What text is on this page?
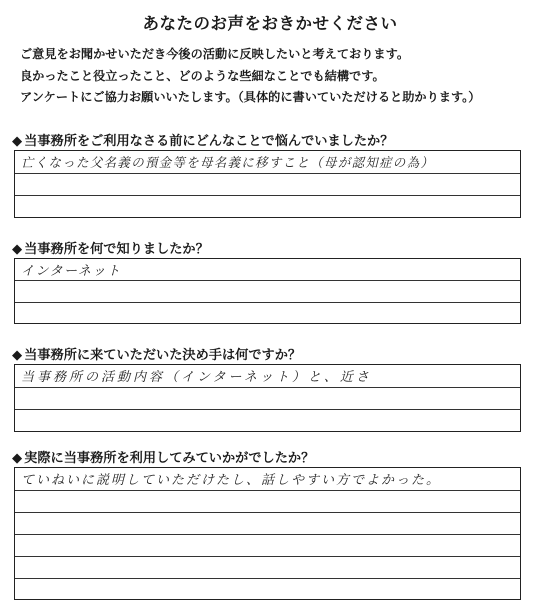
あなたのお声をおきかせください

ご意見をお聞かせいただき今後の活動に反映したいと考えております。

良かったこと役立ったこと、どのような些細なことでも結構です。

アンケートにご協力お願いいたします。（具体的に書いていただけると助かります。）

◆ 当事務所をご利用なさる前にどんなことで悩んでいましたか？
亡くなった父名義の預金等を母名義に移すこと（母が認知症の為）
◆ 当事務所を何で知りましたか？
インターネット
◆ 当事務所に来ていただいた決め手は何ですか？
当事務所の活動内容（インターネット）と、近さ
◆ 実際に当事務所を利用してみていかがでしたか？
ていねいに説明していただけたし、話しやすい方でよかった。
